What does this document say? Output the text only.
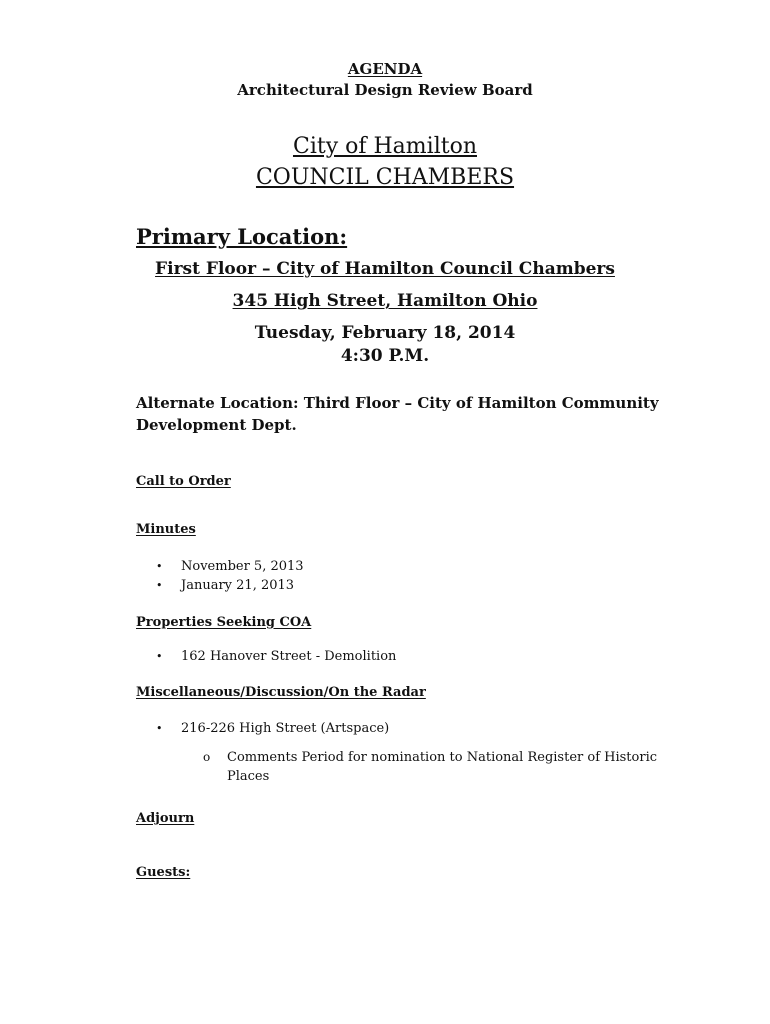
AGENDA
Architectural Design Review Board
City of Hamilton
COUNCIL CHAMBERS
Primary Location:
First Floor – City of Hamilton Council Chambers
345 High Street, Hamilton Ohio
Tuesday, February 18, 2014
4:30 P.M.
Alternate Location: Third Floor – City of Hamilton Community Development Dept.
Call to Order
Minutes
•	November 5, 2013
•	January 21, 2013
Properties Seeking COA
•	162 Hanover Street - Demolition
Miscellaneous/Discussion/On the Radar
•	216-226 High Street (Artspace)
o	Comments Period for nomination to National Register of Historic Places
Adjourn
Guests:
